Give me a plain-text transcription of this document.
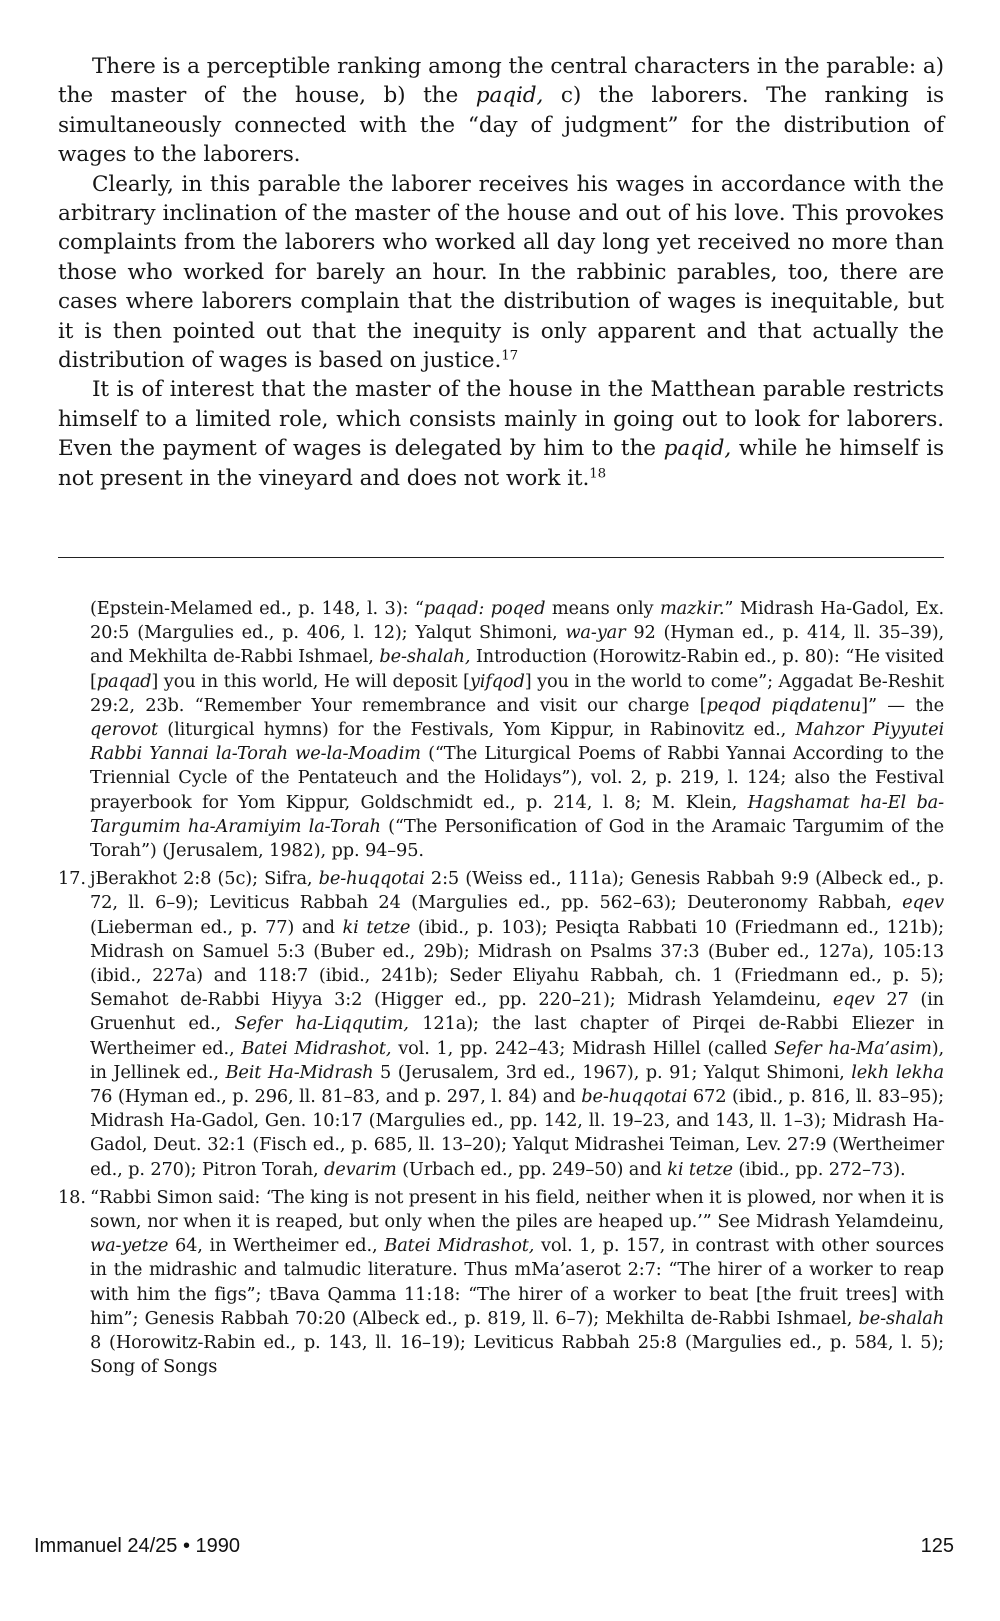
There is a perceptible ranking among the central characters in the parable: a) the master of the house, b) the paqid, c) the laborers. The ranking is simultaneously connected with the “day of judgment” for the distribution of wages to the laborers.

Clearly, in this parable the laborer receives his wages in accordance with the arbitrary inclination of the master of the house and out of his love. This provokes complaints from the laborers who worked all day long yet received no more than those who worked for barely an hour. In the rabbinic parables, too, there are cases where laborers complain that the distribution of wages is inequitable, but it is then pointed out that the inequity is only apparent and that actually the distribution of wages is based on justice.$^{17}$

It is of interest that the master of the house in the Matthean parable restricts himself to a limited role, which consists mainly in going out to look for laborers. Even the payment of wages is delegated by him to the paqid, while he himself is not present in the vineyard and does not work it.$^{18}$

(Epstein-Melamed ed., p. 148, l. 3): “paqad: poqed means only mazkir.” Midrash Ha-Gadol, Ex. 20:5 (Margulies ed., p. 406, l. 12); Yalqut Shimoni, wa-yar 92 (Hyman ed., p. 414, ll. 35–39), and Mekhilta de-Rabbi Ishmael, be-shalah, Introduction (Horowitz-Rabin ed., p. 80): “He visited [paqad] you in this world, He will deposit [yifqod] you in the world to come”; Aggadat Be-Reshit 29:2, 23b. “Remember Your remembrance and visit our charge [peqod piqdatenu]” — the qerovot (liturgical hymns) for the Festivals, Yom Kippur, in Rabinovitz ed., Mahzor Piyyutei Rabbi Yannai la-Torah we-la-Moadim (“The Liturgical Poems of Rabbi Yannai According to the Triennial Cycle of the Pentateuch and the Holidays”), vol. 2, p. 219, l. 124; also the Festival prayerbook for Yom Kippur, Goldschmidt ed., p. 214, l. 8; M. Klein, Hagshamat ha-El ba-Targumim ha-Aramiyim la-Torah (“The Personification of God in the Aramaic Targumim of the Torah”) (Jerusalem, 1982), pp. 94–95.

17. jBerakhot 2:8 (5c); Sifra, be-huqqotai 2:5 (Weiss ed., 111a); Genesis Rabbah 9:9 (Albeck ed., p. 72, ll. 6–9); Leviticus Rabbah 24 (Margulies ed., pp. 562–63); Deuteronomy Rabbah, eqev (Lieberman ed., p. 77) and ki tetze (ibid., p. 103); Pesiqta Rabbati 10 (Friedmann ed., 121b); Midrash on Samuel 5:3 (Buber ed., 29b); Midrash on Psalms 37:3 (Buber ed., 127a), 105:13 (ibid., 227a) and 118:7 (ibid., 241b); Seder Eliyahu Rabbah, ch. 1 (Friedmann ed., p. 5); Semahot de-Rabbi Hiyya 3:2 (Higger ed., pp. 220–21); Midrash Yelamdeinu, eqev 27 (in Gruenhut ed., Sefer ha-Liqqutim, 121a); the last chapter of Pirqei de-Rabbi Eliezer in Wertheimer ed., Batei Midrashot, vol. 1, pp. 242–43; Midrash Hillel (called Sefer ha-Ma’asim), in Jellinek ed., Beit Ha-Midrash 5 (Jerusalem, 3rd ed., 1967), p. 91; Yalqut Shimoni, lekh lekha 76 (Hyman ed., p. 296, ll. 81–83, and p. 297, l. 84) and be-huqqotai 672 (ibid., p. 816, ll. 83–95); Midrash Ha-Gadol, Gen. 10:17 (Margulies ed., pp. 142, ll. 19–23, and 143, ll. 1–3); Midrash Ha-Gadol, Deut. 32:1 (Fisch ed., p. 685, ll. 13–20); Yalqut Midrashei Teiman, Lev. 27:9 (Wertheimer ed., p. 270); Pitron Torah, devarim (Urbach ed., pp. 249–50) and ki tetze (ibid., pp. 272–73).

18. “Rabbi Simon said: ‘The king is not present in his field, neither when it is plowed, nor when it is sown, nor when it is reaped, but only when the piles are heaped up.’” See Midrash Yelamdeinu, wa-yetze 64, in Wertheimer ed., Batei Midrashot, vol. 1, p. 157, in contrast with other sources in the midrashic and talmudic literature. Thus mMa’aserot 2:7: “The hirer of a worker to reap with him the figs”; tBava Qamma 11:18: “The hirer of a worker to beat [the fruit trees] with him”; Genesis Rabbah 70:20 (Albeck ed., p. 819, ll. 6–7); Mekhilta de-Rabbi Ishmael, be-shalah 8 (Horowitz-Rabin ed., p. 143, ll. 16–19); Leviticus Rabbah 25:8 (Margulies ed., p. 584, l. 5); Song of Songs

Immanuel 24/25 • 1990	125
